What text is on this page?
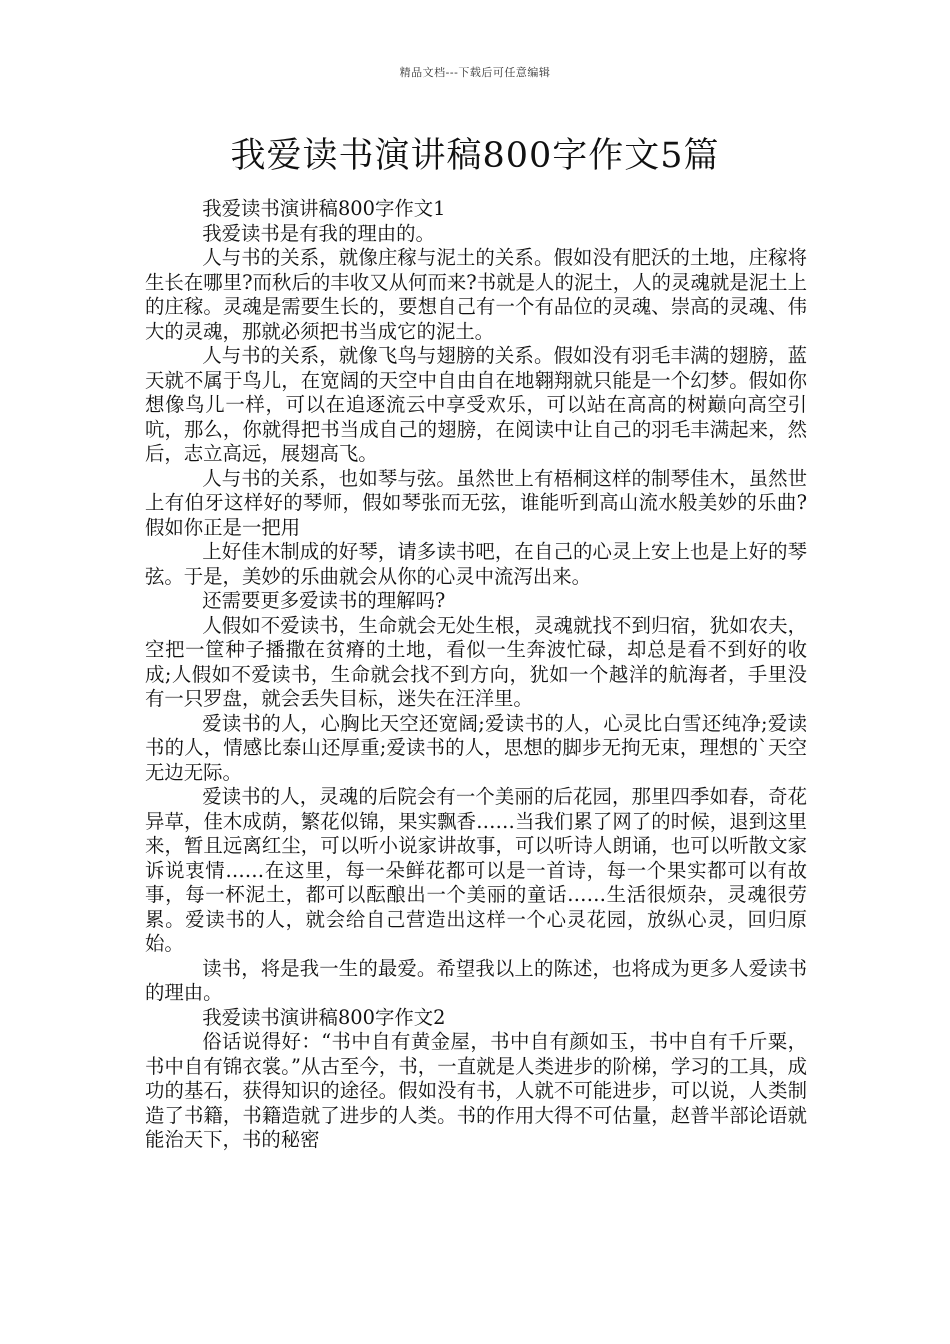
精品文档---下载后可任意编辑
我爱读书演讲稿800字作文5篇

我爱读书演讲稿800字作文1

我爱读书是有我的理由的。

人与书的关系，就像庄稼与泥土的关系。假如没有肥沃的土地，庄稼将生长在哪里?而秋后的丰收又从何而来?书就是人的泥土，人的灵魂就是泥土上的庄稼。灵魂是需要生长的，要想自己有一个有品位的灵魂、崇高的灵魂、伟大的灵魂，那就必须把书当成它的泥土。

人与书的关系，就像飞鸟与翅膀的关系。假如没有羽毛丰满的翅膀，蓝天就不属于鸟儿，在宽阔的天空中自由自在地翱翔就只能是一个幻梦。假如你想像鸟儿一样，可以在追逐流云中享受欢乐，可以站在高高的树巅向高空引吭，那么，你就得把书当成自己的翅膀，在阅读中让自己的羽毛丰满起来，然后，志立高远，展翅高飞。

人与书的关系，也如琴与弦。虽然世上有梧桐这样的制琴佳木，虽然世上有伯牙这样好的琴师，假如琴张而无弦，谁能听到高山流水般美妙的乐曲?假如你正是一把用

上好佳木制成的好琴，请多读书吧，在自己的心灵上安上也是上好的琴弦。于是，美妙的乐曲就会从你的心灵中流泻出来。

还需要更多爱读书的理解吗?

人假如不爱读书，生命就会无处生根，灵魂就找不到归宿，犹如农夫，空把一筐种子播撒在贫瘠的土地，看似一生奔波忙碌，却总是看不到好的收成;人假如不爱读书，生命就会找不到方向，犹如一个越洋的航海者，手里没有一只罗盘，就会丢失目标，迷失在汪洋里。

爱读书的人，心胸比天空还宽阔;爱读书的人，心灵比白雪还纯净;爱读书的人，情感比泰山还厚重;爱读书的人，思想的脚步无拘无束，理想的`天空无边无际。

爱读书的人，灵魂的后院会有一个美丽的后花园，那里四季如春，奇花异草，佳木成荫，繁花似锦，果实飘香……当我们累了网了的时候，退到这里来，暂且远离红尘，可以听小说家讲故事，可以听诗人朗诵，也可以听散文家诉说衷情……在这里，每一朵鲜花都可以是一首诗，每一个果实都可以有故事，每一杯泥土，都可以酝酿出一个美丽的童话……生活很烦杂，灵魂很劳累。爱读书的人，就会给自己营造出这样一个心灵花园，放纵心灵，回归原始。

读书，将是我一生的最爱。希望我以上的陈述，也将成为更多人爱读书的理由。

我爱读书演讲稿800字作文2

俗话说得好：“书中自有黄金屋，书中自有颜如玉，书中自有千斤粟，书中自有锦衣裳。”从古至今，书，一直就是人类进步的阶梯，学习的工具，成功的基石，获得知识的途径。假如没有书，人就不可能进步，可以说，人类制造了书籍，书籍造就了进步的人类。书的作用大得不可估量，赵普半部论语就能治天下，书的秘密
